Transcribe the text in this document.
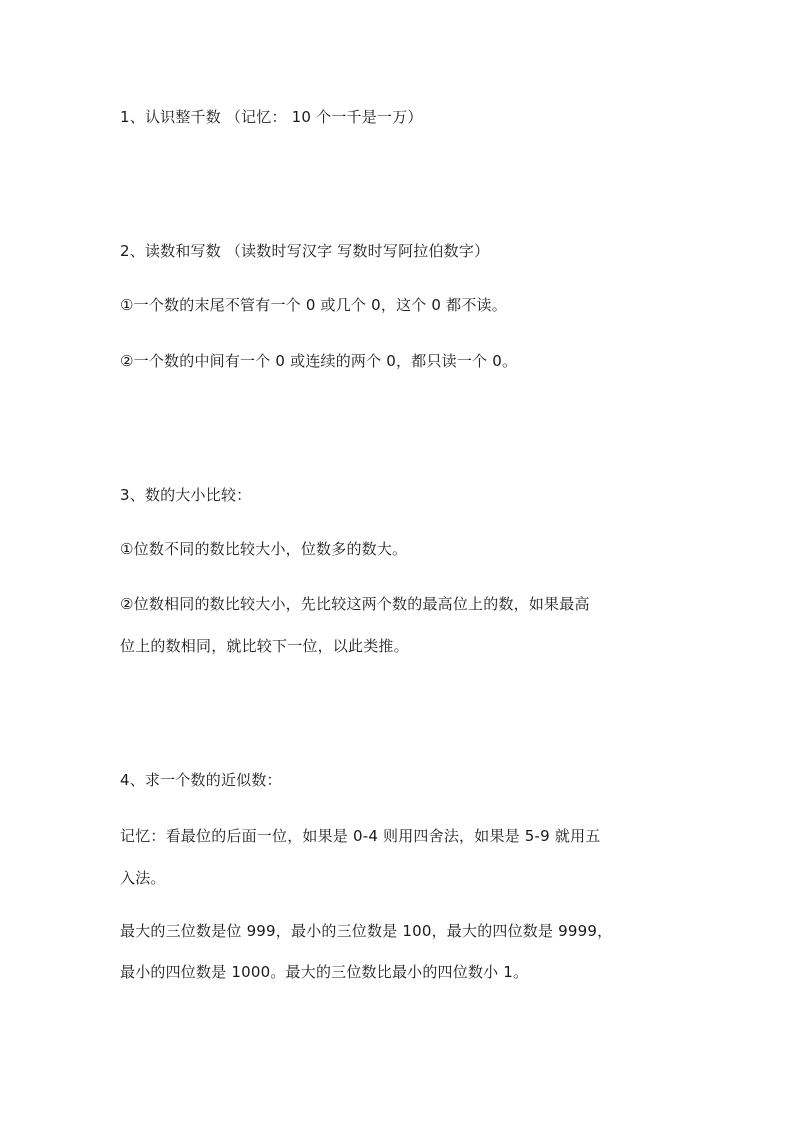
1、认识整千数 （记忆： 10 个一千是一万）
2、读数和写数 （读数时写汉字 写数时写阿拉伯数字）
①一个数的末尾不管有一个 0 或几个 0，这个 0 都不读。
②一个数的中间有一个 0 或连续的两个 0，都只读一个 0。
3、数的大小比较：
①位数不同的数比较大小，位数多的数大。
②位数相同的数比较大小，先比较这两个数的最高位上的数，如果最高
位上的数相同，就比较下一位，以此类推。
4、求一个数的近似数：
记忆：看最位的后面一位，如果是 0-4 则用四舍法，如果是 5-9 就用五
入法。
最大的三位数是位 999，最小的三位数是 100，最大的四位数是 9999，
最小的四位数是 1000。最大的三位数比最小的四位数小 1。
